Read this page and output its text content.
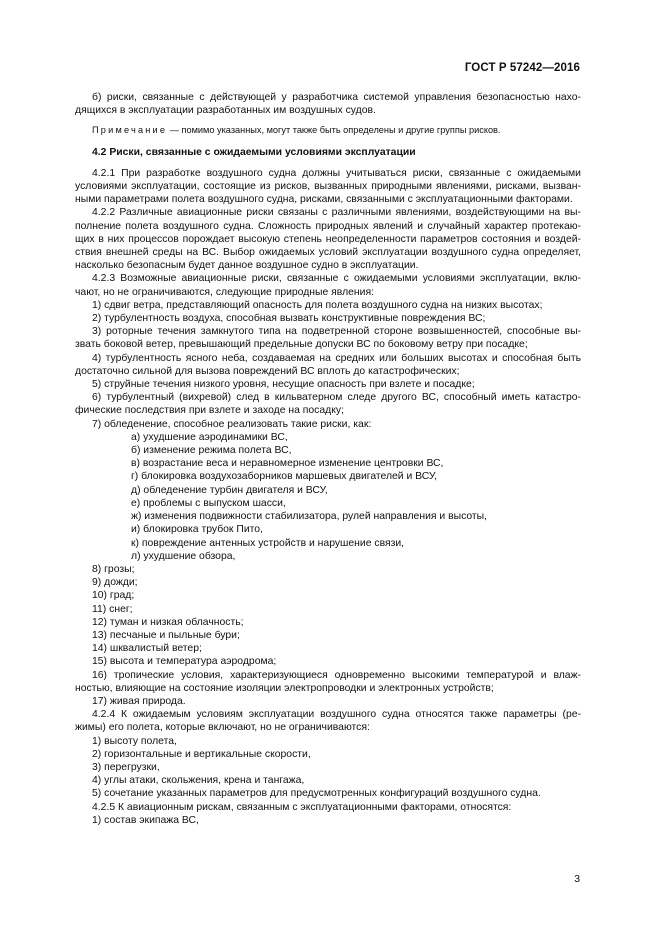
ГОСТ Р 57242—2016

б) риски, связанные с действующей у разработчика системой управления безопасностью нахо-дящихся в эксплуатации разработанных им воздушных судов.

Примечание — помимо указанных, могут также быть определены и другие группы рисков.

4.2 Риски, связанные с ожидаемыми условиями эксплуатации

4.2.1 При разработке воздушного судна должны учитываться риски, связанные с ожидаемыми условиями эксплуатации, состоящие из рисков, вызванных природными явлениями, рисками, вызван-ными параметрами полета воздушного судна, рисками, связанными с эксплуатационными факторами.

4.2.2 Различные авиационные риски связаны с различными явлениями, воздействующими на вы-полнение полета воздушного судна. Сложность природных явлений и случайный характер протекаю-щих в них процессов порождает высокую степень неопределенности параметров состояния и воздей-ствия внешней среды на ВС. Выбор ожидаемых условий эксплуатации воздушного судна определяет, насколько безопасным будет данное воздушное судно в эксплуатации.

4.2.3 Возможные авиационные риски, связанные с ожидаемыми условиями эксплуатации, вклю-чают, но не ограничиваются, следующие природные явления:

1) сдвиг ветра, представляющий опасность для полета воздушного судна на низких высотах;

2) турбулентность воздуха, способная вызвать конструктивные повреждения ВС;

3) роторные течения замкнутого типа на подветренной стороне возвышенностей, способные вы-звать боковой ветер, превышающий предельные допуски ВС по боковому ветру при посадке;

4) турбулентность ясного неба, создаваемая на средних или больших высотах и способная быть достаточно сильной для вызова повреждений ВС вплоть до катастрофических;

5) струйные течения низкого уровня, несущие опасность при взлете и посадке;

6) турбулентный (вихревой) след в кильватерном следе другого ВС, способный иметь катастро-фические последствия при взлете и заходе на посадку;

7) обледенение, способное реализовать такие риски, как:

а) ухудшение аэродинамики ВС,

б) изменение режима полета ВС,

в) возрастание веса и неравномерное изменение центровки ВС,

г) блокировка воздухозаборников маршевых двигателей и ВСУ,

д) обледенение турбин двигателя и ВСУ,

е) проблемы с выпуском шасси,

ж) изменения подвижности стабилизатора, рулей направления и высоты,

и) блокировка трубок Пито,

к) повреждение антенных устройств и нарушение связи,

л) ухудшение обзора,

8) грозы;

9) дожди;

10) град;

11) снег;

12) туман и низкая облачность;

13) песчаные и пыльные бури;

14) шквалистый ветер;

15) высота и температура аэродрома;

16) тропические условия, характеризующиеся одновременно высокими температурой и влаж-ностью, влияющие на состояние изоляции электропроводки и электронных устройств;

17) живая природа.

4.2.4 К ожидаемым условиям эксплуатации воздушного судна относятся также параметры (ре-жимы) его полета, которые включают, но не ограничиваются:

1) высоту полета,

2) горизонтальные и вертикальные скорости,

3) перегрузки,

4) углы атаки, скольжения, крена и тангажа,

5) сочетание указанных параметров для предусмотренных конфигураций воздушного судна.

4.2.5 К авиационным рискам, связанным с эксплуатационными факторами, относятся:

1) состав экипажа ВС,

3
